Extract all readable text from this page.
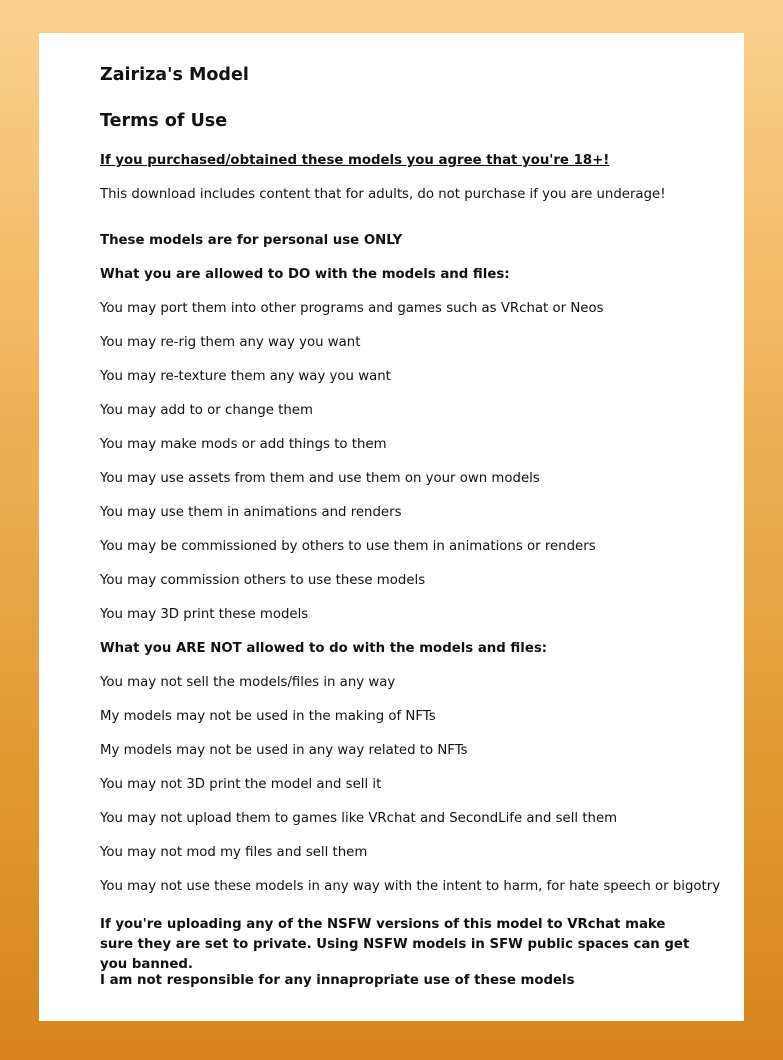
Zairiza's Model
Terms of Use
If you purchased/obtained these models you agree that you're 18+!
This download includes content that for adults, do not purchase if you are underage!
These models are for personal use ONLY
What you are allowed to DO with the models and files:
You may port them into other programs and games such as VRchat or Neos
You may re-rig them any way you want
You may re-texture them any way you want
You may add to or change them
You may make mods or add things to them
You may use assets from them and use them on your own models
You may use them in animations and renders
You may be commissioned by others to use them in animations or renders
You may commission others to use these models
You may 3D print these models
What you ARE NOT allowed to do with the models and files:
You may not sell the models/files in any way
My models may not be used in the making of NFTs
My models may not be used in any way related to NFTs
You may not 3D print the model and sell it
You may not upload them to games like VRchat and SecondLife and sell them
You may not mod my files and sell them
You may not use these models in any way with the intent to harm, for hate speech or bigotry
If you're uploading any of the NSFW versions of this model to VRchat make sure they are set to private. Using NSFW models in SFW public spaces can get you banned.
I am not responsible for any innapropriate use of these models
